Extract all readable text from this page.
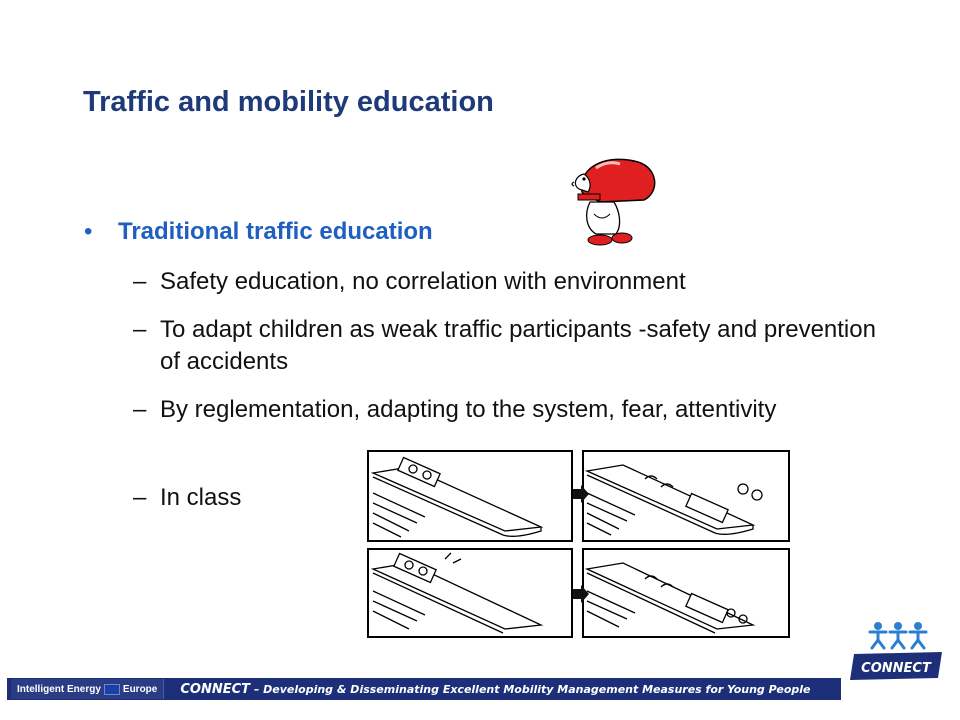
Traffic and mobility education
•	Traditional traffic education
– Safety education, no correlation with environment
– To adapt children as weak traffic participants -safety and prevention of accidents
– By reglementation, adapting to the system, fear, attentivity
– In class
CONNECT
Intelligent Energy Europe CONNECT – Developing & Disseminating Excellent Mobility Management Measures for Young People
